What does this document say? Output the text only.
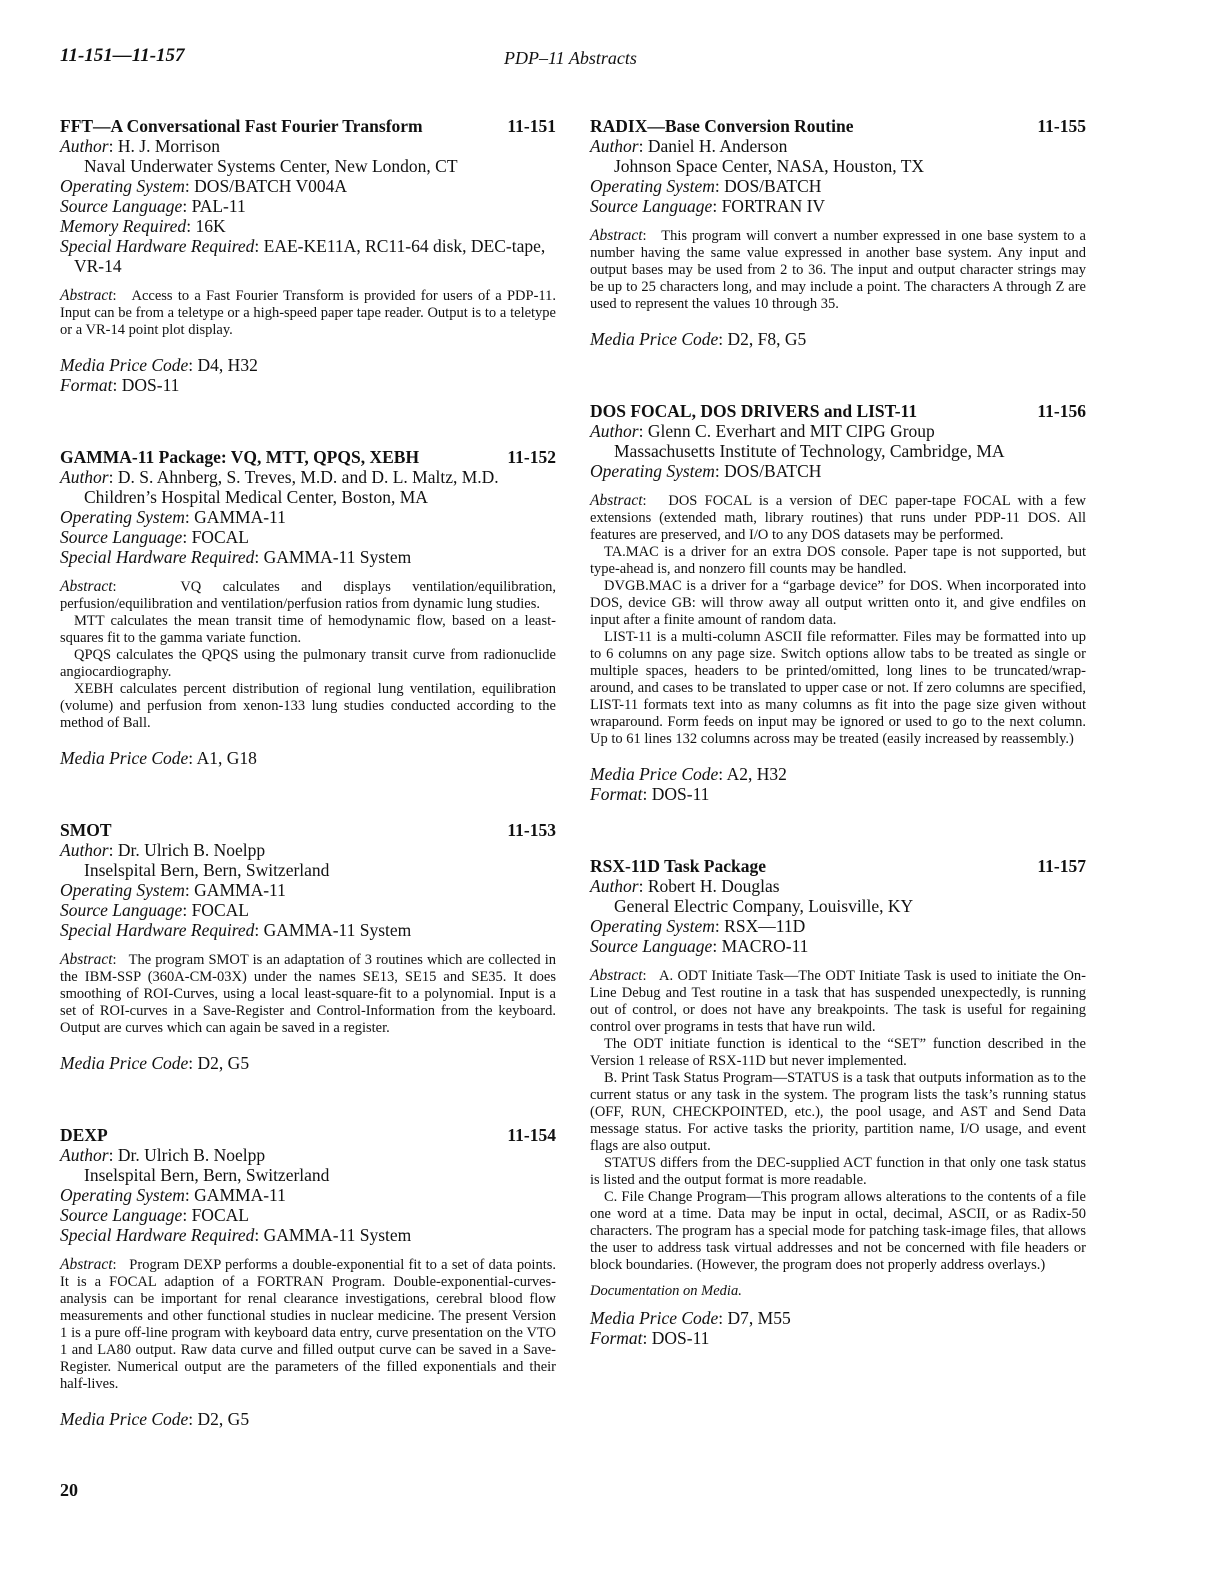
11-151—11-157	PDP–11 Abstracts
FFT—A Conversational Fast Fourier Transform	11-151
Author: H. J. Morrison
Naval Underwater Systems Center, New London, CT
Operating System: DOS/BATCH V004A
Source Language: PAL-11
Memory Required: 16K
Special Hardware Required: EAE-KE11A, RC11-64 disk, DEC-tape, VR-14

Abstract:   Access to a Fast Fourier Transform is provided for users of a PDP-11. Input can be from a teletype or a high-speed paper tape reader. Output is to a teletype or a VR-14 point plot display.

Media Price Code: D4, H32
Format: DOS-11
GAMMA-11 Package: VQ, MTT, QPQS, XEBH	11-152
Author: D. S. Ahnberg, S. Treves, M.D. and D. L. Maltz, M.D.
Children’s Hospital Medical Center, Boston, MA
Operating System: GAMMA-11
Source Language: FOCAL
Special Hardware Required: GAMMA-11 System

Abstract:   VQ calculates and displays ventilation/equilibration, perfusion/equilibration and ventilation/perfusion ratios from dynamic lung studies.

MTT calculates the mean transit time of hemodynamic flow, based on a least-squares fit to the gamma variate function.

QPQS calculates the QPQS using the pulmonary transit curve from radionuclide angiocardiography.

XEBH calculates percent distribution of regional lung ventilation, equilibration (volume) and perfusion from xenon-133 lung studies conducted according to the method of Ball.

Media Price Code: A1, G18
SMOT	11-153
Author: Dr. Ulrich B. Noelpp
Inselspital Bern, Bern, Switzerland
Operating System: GAMMA-11
Source Language: FOCAL
Special Hardware Required: GAMMA-11 System

Abstract:   The program SMOT is an adaptation of 3 routines which are collected in the IBM-SSP (360A-CM-03X) under the names SE13, SE15 and SE35. It does smoothing of ROI-Curves, using a local least-square-fit to a polynomial. Input is a set of ROI-curves in a Save-Register and Control-Information from the keyboard. Output are curves which can again be saved in a register.

Media Price Code: D2, G5
DEXP	11-154
Author: Dr. Ulrich B. Noelpp
Inselspital Bern, Bern, Switzerland
Operating System: GAMMA-11
Source Language: FOCAL
Special Hardware Required: GAMMA-11 System

Abstract:   Program DEXP performs a double-exponential fit to a set of data points. It is a FOCAL adaption of a FORTRAN Program. Double-exponential-curves-analysis can be important for renal clearance investigations, cerebral blood flow measurements and other functional studies in nuclear medicine. The present Version 1 is a pure off-line program with keyboard data entry, curve presentation on the VTO 1 and LA80 output. Raw data curve and filled output curve can be saved in a Save-Register. Numerical output are the parameters of the filled exponentials and their half-lives.

Media Price Code: D2, G5
RADIX—Base Conversion Routine	11-155
Author: Daniel H. Anderson
Johnson Space Center, NASA, Houston, TX
Operating System: DOS/BATCH
Source Language: FORTRAN IV

Abstract:   This program will convert a number expressed in one base system to a number having the same value expressed in another base system. Any input and output bases may be used from 2 to 36. The input and output character strings may be up to 25 characters long, and may include a point. The characters A through Z are used to represent the values 10 through 35.

Media Price Code: D2, F8, G5
DOS FOCAL, DOS DRIVERS and LIST-11	11-156
Author: Glenn C. Everhart and MIT CIPG Group
Massachusetts Institute of Technology, Cambridge, MA
Operating System: DOS/BATCH

Abstract:   DOS FOCAL is a version of DEC paper-tape FOCAL with a few extensions (extended math, library routines) that runs under PDP-11 DOS. All features are preserved, and I/O to any DOS datasets may be performed.

TA.MAC is a driver for an extra DOS console. Paper tape is not supported, but type-ahead is, and nonzero fill counts may be handled.

DVGB.MAC is a driver for a “garbage device” for DOS. When incorporated into DOS, device GB: will throw away all output written onto it, and give endfiles on input after a finite amount of random data.

LIST-11 is a multi-column ASCII file reformatter. Files may be formatted into up to 6 columns on any page size. Switch options allow tabs to be treated as single or multiple spaces, headers to be printed/omitted, long lines to be truncated/wrap-around, and cases to be translated to upper case or not. If zero columns are specified, LIST-11 formats text into as many columns as fit into the page size given without wraparound. Form feeds on input may be ignored or used to go to the next column. Up to 61 lines 132 columns across may be treated (easily increased by reassembly.)

Media Price Code: A2, H32
Format: DOS-11
RSX-11D Task Package	11-157
Author: Robert H. Douglas
General Electric Company, Louisville, KY
Operating System: RSX—11D
Source Language: MACRO-11

Abstract:   A. ODT Initiate Task—The ODT Initiate Task is used to initiate the On-Line Debug and Test routine in a task that has suspended unexpectedly, is running out of control, or does not have any breakpoints. The task is useful for regaining control over programs in tests that have run wild.

The ODT initiate function is identical to the “SET” function described in the Version 1 release of RSX-11D but never implemented.

B. Print Task Status Program—STATUS is a task that outputs information as to the current status or any task in the system. The program lists the task’s running status (OFF, RUN, CHECKPOINTED, etc.), the pool usage, and AST and Send Data message status. For active tasks the priority, partition name, I/O usage, and event flags are also output.

STATUS differs from the DEC-supplied ACT function in that only one task status is listed and the output format is more readable.

C. File Change Program—This program allows alterations to the contents of a file one word at a time. Data may be input in octal, decimal, ASCII, or as Radix-50 characters. The program has a special mode for patching task-image files, that allows the user to address task virtual addresses and not be concerned with file headers or block boundaries. (However, the program does not properly address overlays.)

Documentation on Media.
Media Price Code: D7, M55
Format: DOS-11
20
